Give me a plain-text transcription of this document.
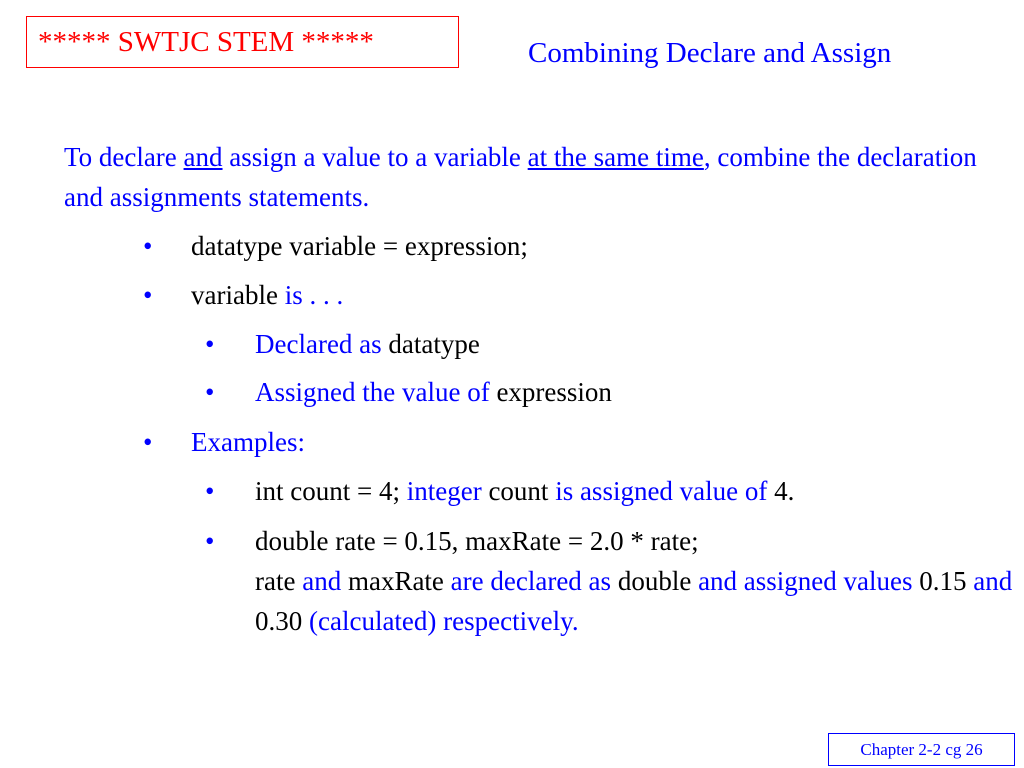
***** SWTJC STEM *****	Combining Declare and Assign
To declare and assign a value to a variable at the same time, combine the declaration and assignments statements.
• datatype variable = expression;
• variable is . . .
• Declared as datatype
• Assigned the value of expression
• Examples:
• int count = 4; integer count is assigned value of 4.
• double rate = 0.15, maxRate = 2.0 * rate;
rate and maxRate are declared as double and assigned values 0.15 and 0.30 (calculated) respectively.
Chapter 2-2 cg 26
